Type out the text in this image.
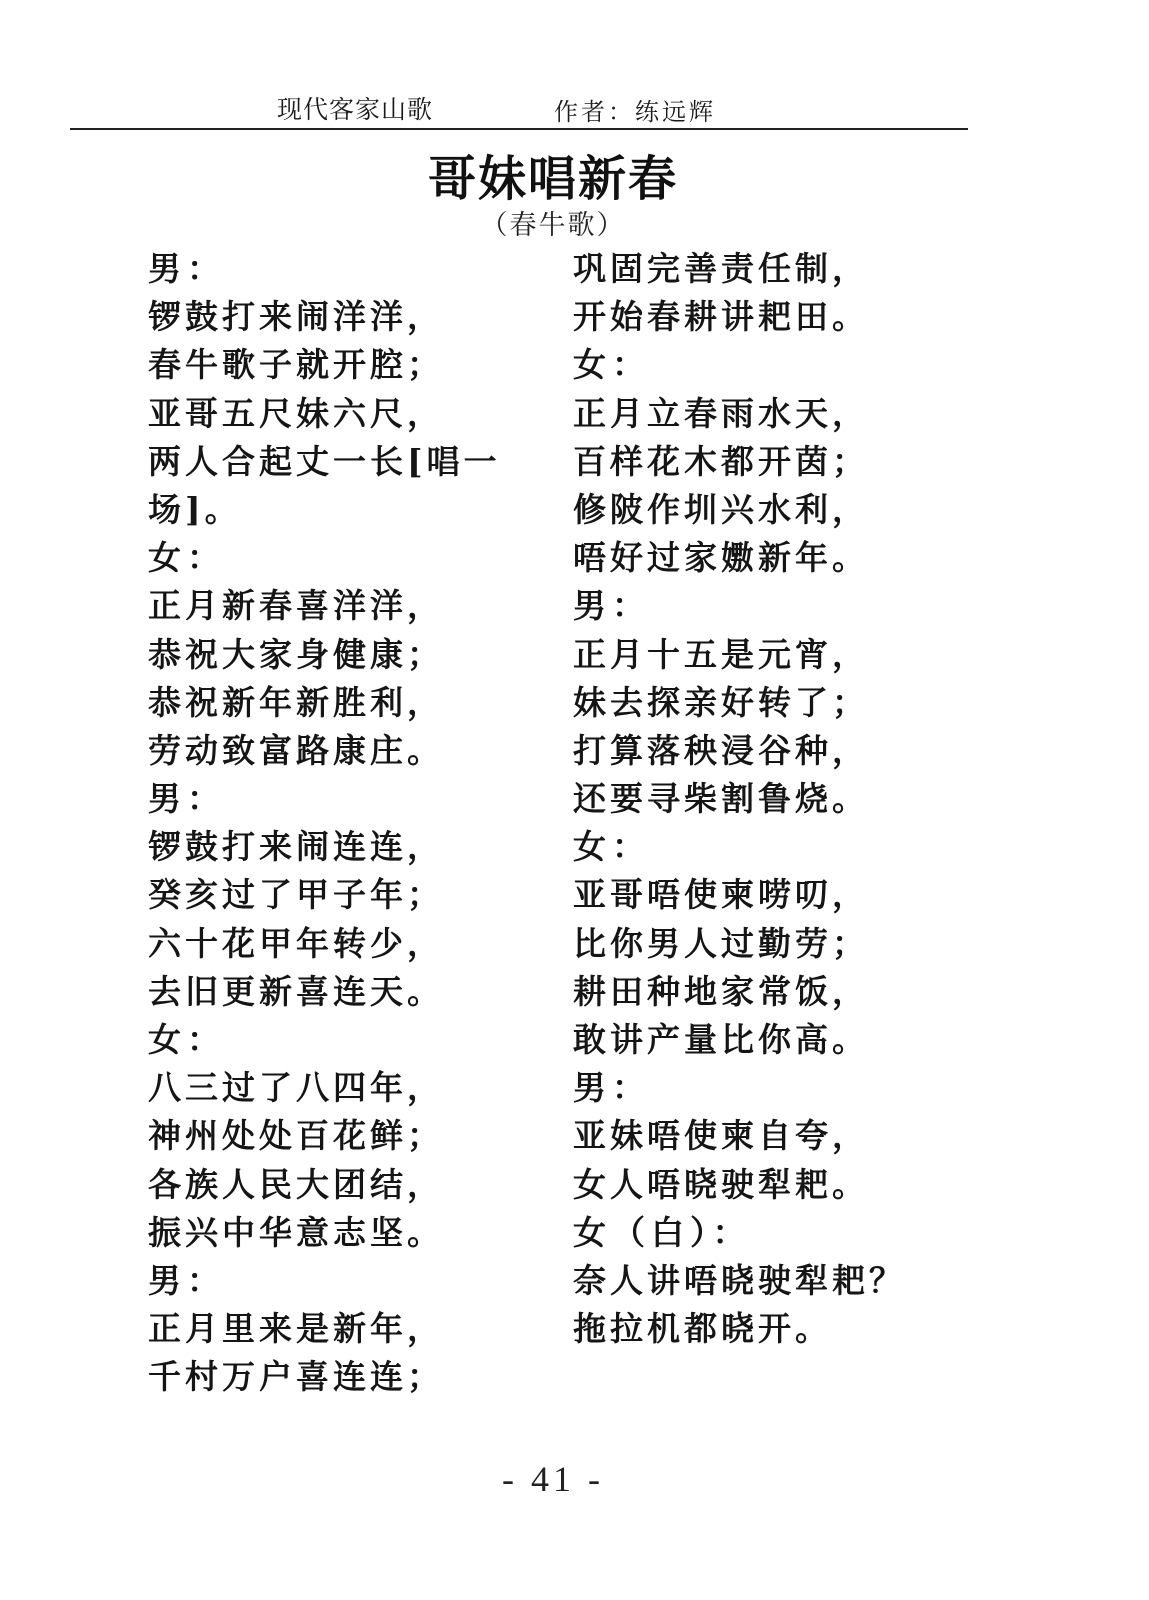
现代客家山歌	作者：练远辉
哥妹唱新春
（春牛歌）
男：
锣鼓打来闹洋洋，
春牛歌子就开腔；
亚哥五尺妹六尺，
两人合起丈一长[唱一
场]。
女：
正月新春喜洋洋，
恭祝大家身健康；
恭祝新年新胜利，
劳动致富路康庄。
男：
锣鼓打来闹连连，
癸亥过了甲子年；
六十花甲年转少，
去旧更新喜连天。
女：
八三过了八四年，
神州处处百花鲜；
各族人民大团结，
振兴中华意志坚。
男：
正月里来是新年，
千村万户喜连连；
巩固完善责任制，
开始春耕讲耙田。
女：
正月立春雨水天，
百样花木都开茵；
修陂作圳兴水利，
唔好过家嫐新年。
男：
正月十五是元宵，
妹去探亲好转了；
打算落秧浸谷种，
还要寻柴割鲁烧。
女：
亚哥唔使柬唠叨，
比你男人过勤劳；
耕田种地家常饭，
敢讲产量比你高。
男：
亚妹唔使柬自夸，
女人唔晓驶犁耙。
女（白）：
奈人讲唔晓驶犁耙？
拖拉机都晓开。
- 41 -
